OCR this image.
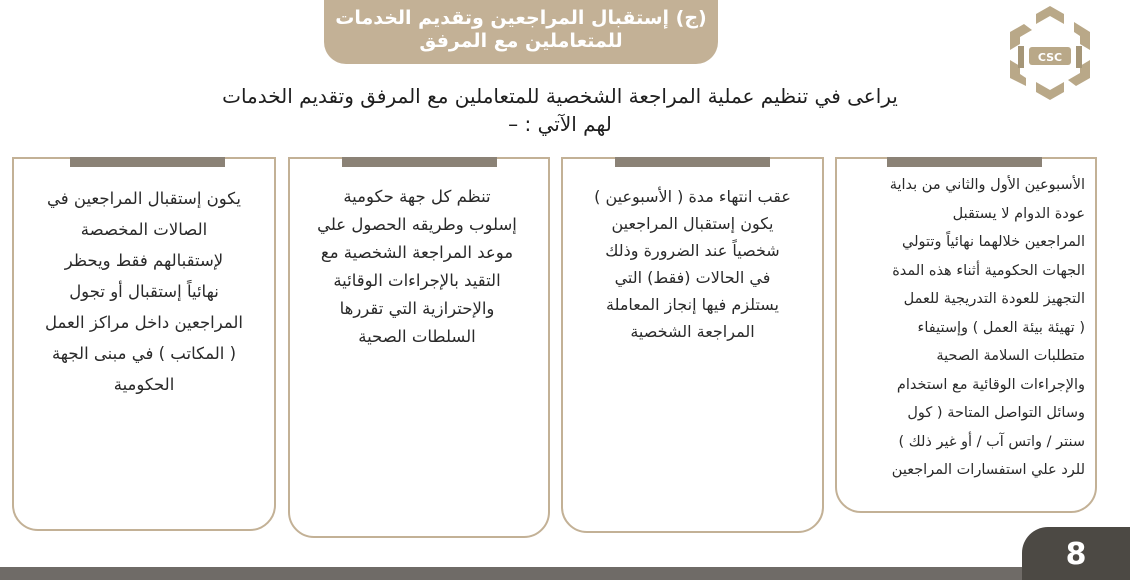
(ج) إستقبال المراجعين وتقديم الخدمات
للمتعاملين مع المرفق
CSC
يراعى في تنظيم عملية المراجعة الشخصية للمتعاملين مع المرفق وتقديم الخدمات
لهم الآتي : –
الأسبوعين الأول والثاني من بداية
عودة الدوام لا يستقبل
المراجعين خلالهما نهائياً وتتولي
الجهات الحكومية أثناء هذه المدة
التجهيز للعودة التدريجية للعمل
( تهيئة بيئة العمل ) وإستيفاء
متطلبات السلامة الصحية
والإجراءات الوقائية مع استخدام
وسائل التواصل المتاحة ( كول
سنتر / واتس آب / أو غير ذلك )
للرد علي استفسارات المراجعين
عقب انتهاء مدة ( الأسبوعين )
يكون إستقبال المراجعين
شخصياً عند الضرورة وذلك
في الحالات (فقط) التي
يستلزم فيها إنجاز المعاملة
المراجعة الشخصية
تنظم كل جهة حكومية
إسلوب وطريقه الحصول علي
موعد المراجعة الشخصية مع
التقيد بالإجراءات الوقائية
والإحترازية التي تقررها
السلطات الصحية
يكون إستقبال المراجعين في
الصالات المخصصة
لإستقبالهم فقط ويحظر
نهائياً إستقبال أو تجول
المراجعين داخل مراكز العمل
( المكاتب ) في مبنى الجهة
الحكومية
8
